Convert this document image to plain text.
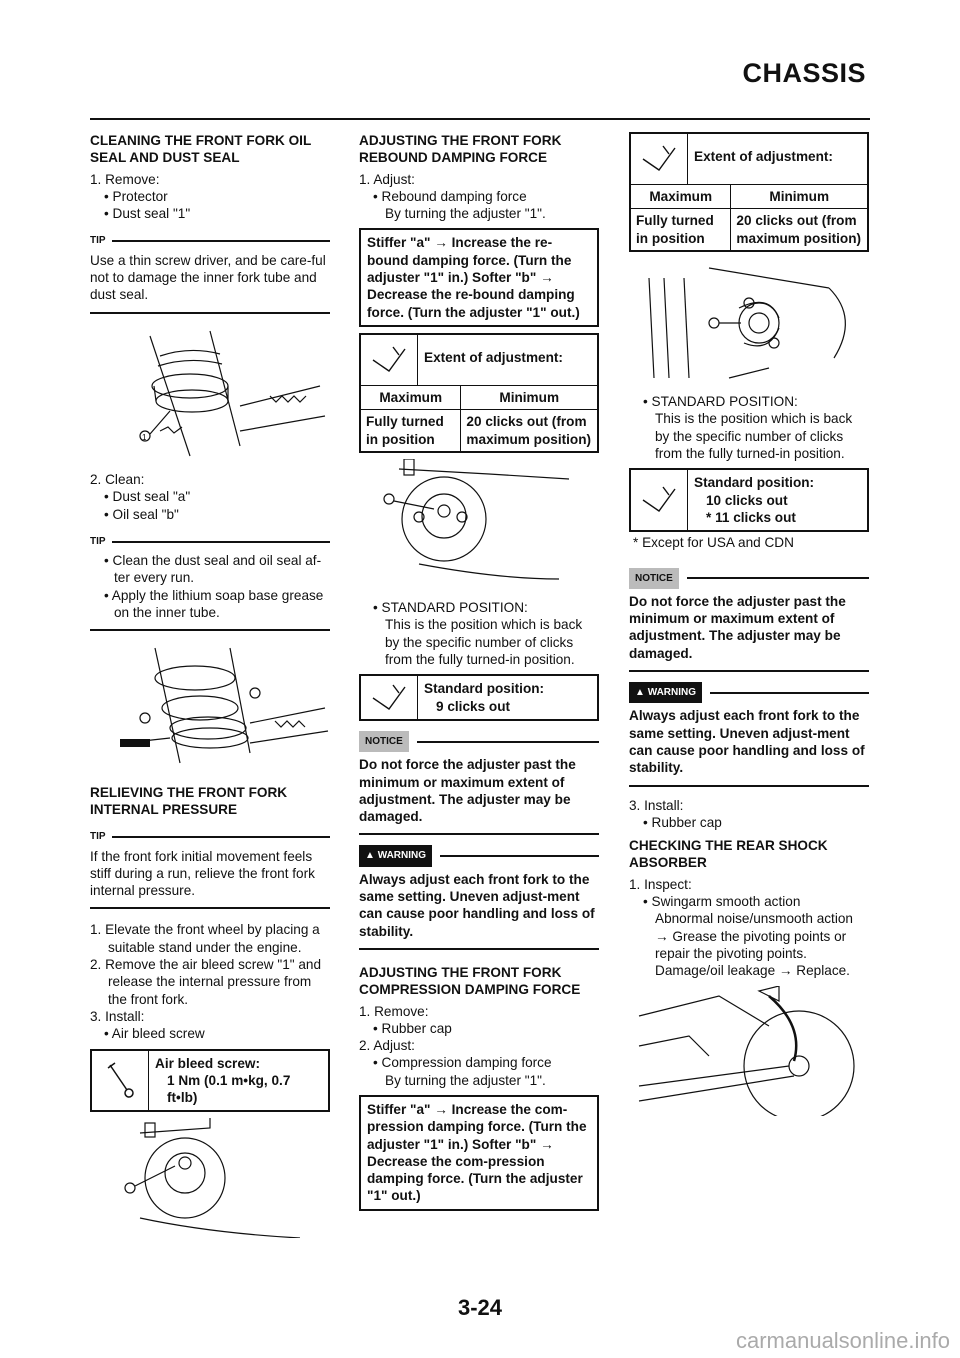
CHASSIS
CLEANING THE FRONT FORK OIL SEAL AND DUST SEAL

1. Remove:

• Protector

• Dust seal "1"

TIP

Use a thin screw driver, and be care-ful not to damage the inner fork tube and dust seal.

1

2. Clean:

• Dust seal "a"

• Oil seal "b"

TIP

• Clean the dust seal and oil seal af-ter every run.

• Apply the lithium soap base grease on the inner tube.

RELIEVING THE FRONT FORK INTERNAL PRESSURE
TIP

If the front fork initial movement feels stiff during a run, relieve the front fork internal pressure.

1. Elevate the front wheel by placing a suitable stand under the engine.

2. Remove the air bleed screw "1" and release the internal pressure from the front fork.

3. Install:

• Air bleed screw

Air bleed screw:
1 Nm (0.1 m•kg, 0.7 ft•lb)
ADJUSTING THE FRONT FORK REBOUND DAMPING FORCE

1. Adjust:

• Rebound damping force

By turning the adjuster "1".

Stiffer "a" → Increase the re-bound damping force. (Turn the adjuster "1" in.) Softer "b" → Decrease the re-bound damping force. (Turn the adjuster "1" out.)
Extent of adjustment:
Maximum	Minimum
Fully turned in position	20 clicks out (from maximum position)

• STANDARD POSITION:

This is the position which is back by the specific number of clicks from the fully turned-in position.

Standard position:
9 clicks out
NOTICE
Do not force the adjuster past the minimum or maximum extent of adjustment. The adjuster may be damaged.
▲ WARNING
Always adjust each front fork to the same setting. Uneven adjust-ment can cause poor handling and loss of stability.
ADJUSTING THE FRONT FORK COMPRESSION DAMPING FORCE

1. Remove:

• Rubber cap

2. Adjust:

• Compression damping force

By turning the adjuster "1".

Stiffer "a" → Increase the com-pression damping force. (Turn the adjuster "1" in.) Softer "b" → Decrease the com-pression damping force. (Turn the adjuster "1" out.)
Extent of adjustment:
Maximum	Minimum
Fully turned in position	20 clicks out (from maximum position)

• STANDARD POSITION:

This is the position which is back by the specific number of clicks from the fully turned-in position.

Standard position:
10 clicks out
* 11 clicks out

* Except for USA and CDN

NOTICE
Do not force the adjuster past the minimum or maximum extent of adjustment. The adjuster may be damaged.
▲ WARNING
Always adjust each front fork to the same setting. Uneven adjust-ment can cause poor handling and loss of stability.

3. Install:

• Rubber cap

CHECKING THE REAR SHOCK ABSORBER

1. Inspect:

• Swingarm smooth action

Abnormal noise/unsmooth action → Grease the pivoting points or repair the pivoting points.

Damage/oil leakage → Replace.

3-24
carmanualsonline.info
